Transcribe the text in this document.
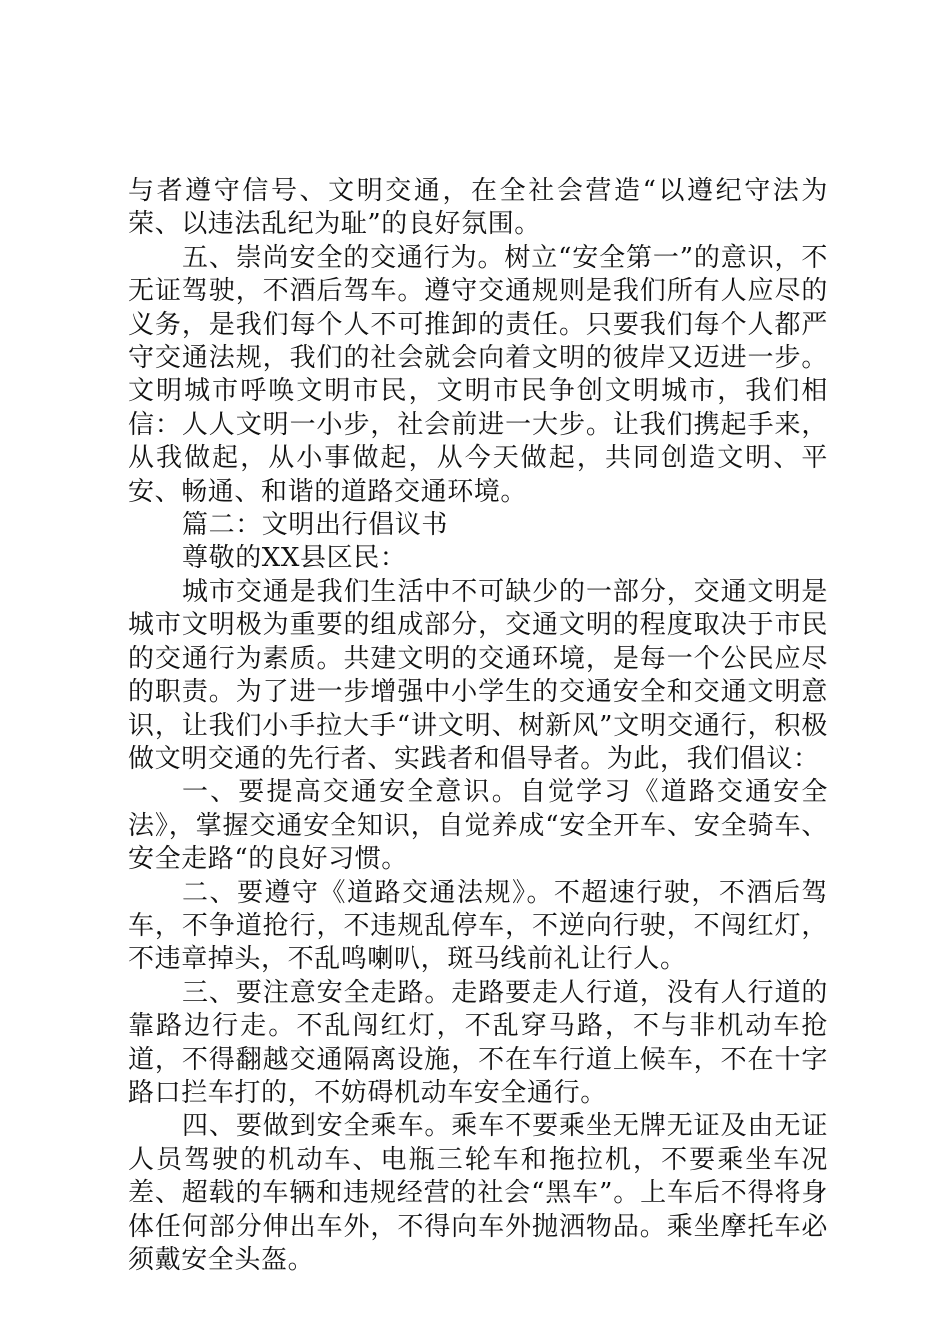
与者遵守信号、文明交通，在全社会营造“以遵纪守法为荣、以违法乱纪为耻”的良好氛围。

五、崇尚安全的交通行为。树立“安全第一”的意识，不无证驾驶，不酒后驾车。遵守交通规则是我们所有人应尽的义务，是我们每个人不可推卸的责任。只要我们每个人都严守交通法规，我们的社会就会向着文明的彼岸又迈进一步。文明城市呼唤文明市民，文明市民争创文明城市，我们相信：人人文明一小步，社会前进一大步。让我们携起手来，从我做起，从小事做起，从今天做起，共同创造文明、平安、畅通、和谐的道路交通环境。

篇二：文明出行倡议书

尊敬的XX县区民：

城市交通是我们生活中不可缺少的一部分，交通文明是城市文明极为重要的组成部分，交通文明的程度取决于市民的交通行为素质。共建文明的交通环境，是每一个公民应尽的职责。为了进一步增强中小学生的交通安全和交通文明意识，让我们小手拉大手“讲文明、树新风”文明交通行，积极做文明交通的先行者、实践者和倡导者。为此，我们倡议：

一、要提高交通安全意识。自觉学习《道路交通安全法》，掌握交通安全知识，自觉养成“安全开车、安全骑车、安全走路“的良好习惯。

二、要遵守《道路交通法规》。不超速行驶，不酒后驾车，不争道抢行，不违规乱停车，不逆向行驶，不闯红灯，不违章掉头，不乱鸣喇叭，斑马线前礼让行人。

三、要注意安全走路。走路要走人行道，没有人行道的靠路边行走。不乱闯红灯，不乱穿马路，不与非机动车抢道，不得翻越交通隔离设施，不在车行道上候车，不在十字路口拦车打的，不妨碍机动车安全通行。

四、要做到安全乘车。乘车不要乘坐无牌无证及由无证人员驾驶的机动车、电瓶三轮车和拖拉机，不要乘坐车况差、超载的车辆和违规经营的社会“黑车”。上车后不得将身体任何部分伸出车外，不得向车外抛洒物品。乘坐摩托车必须戴安全头盔。
